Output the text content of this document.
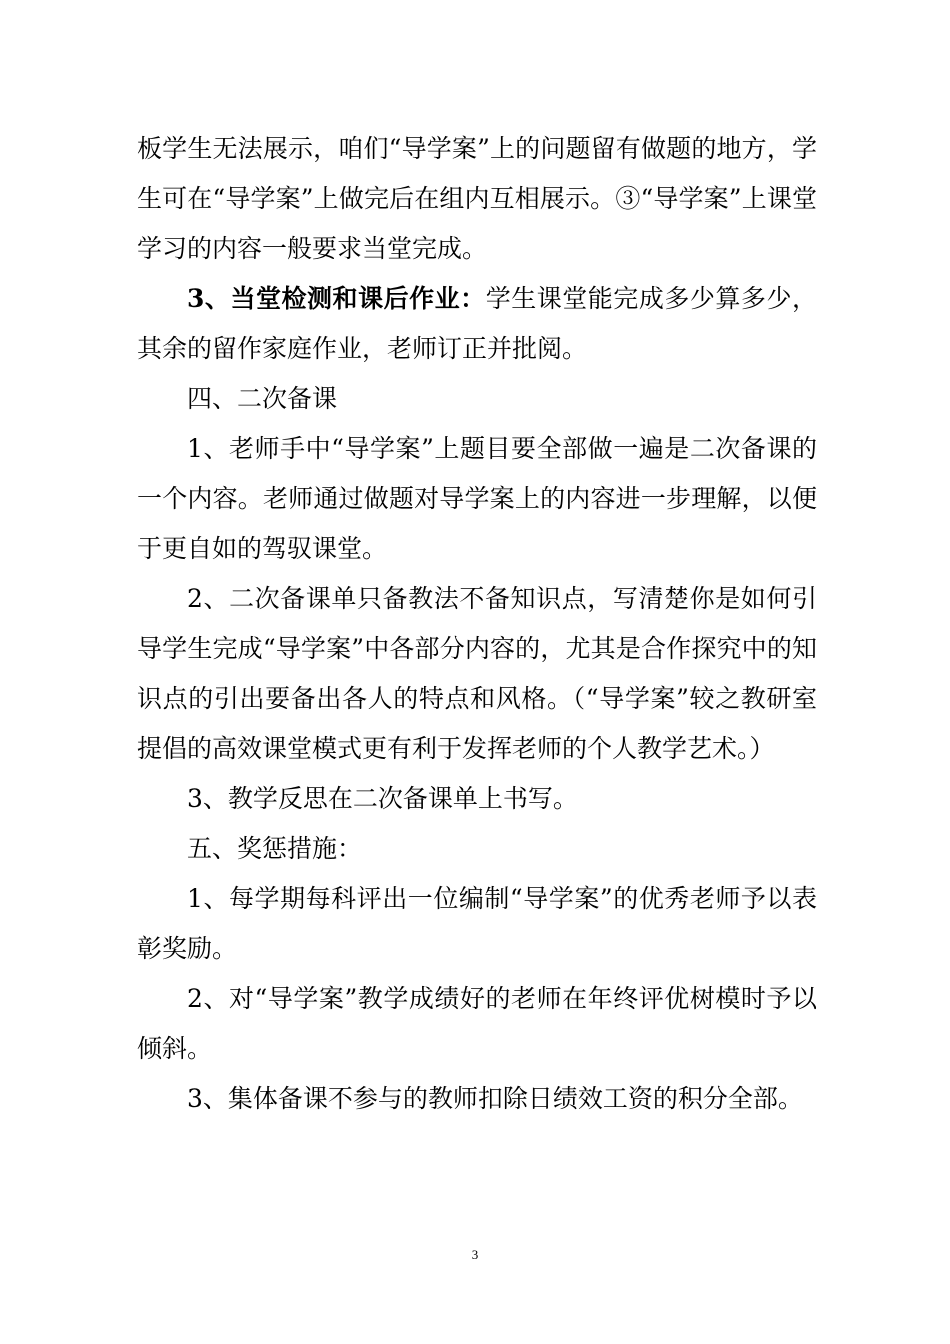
板学生无法展示，咱们“导学案”上的问题留有做题的地方，学生可在“导学案”上做完后在组内互相展示。③“导学案”上课堂学习的内容一般要求当堂完成。

3、当堂检测和课后作业：学生课堂能完成多少算多少，其余的留作家庭作业，老师订正并批阅。

四、二次备课

1、老师手中“导学案”上题目要全部做一遍是二次备课的一个内容。老师通过做题对导学案上的内容进一步理解，以便于更自如的驾驭课堂。

2、二次备课单只备教法不备知识点，写清楚你是如何引导学生完成“导学案”中各部分内容的，尤其是合作探究中的知识点的引出要备出各人的特点和风格。（“导学案”较之教研室提倡的高效课堂模式更有利于发挥老师的个人教学艺术。）

3、教学反思在二次备课单上书写。

五、奖惩措施：

1、每学期每科评出一位编制“导学案”的优秀老师予以表彰奖励。

2、对“导学案”教学成绩好的老师在年终评优树模时予以倾斜。

3、集体备课不参与的教师扣除日绩效工资的积分全部。

3
